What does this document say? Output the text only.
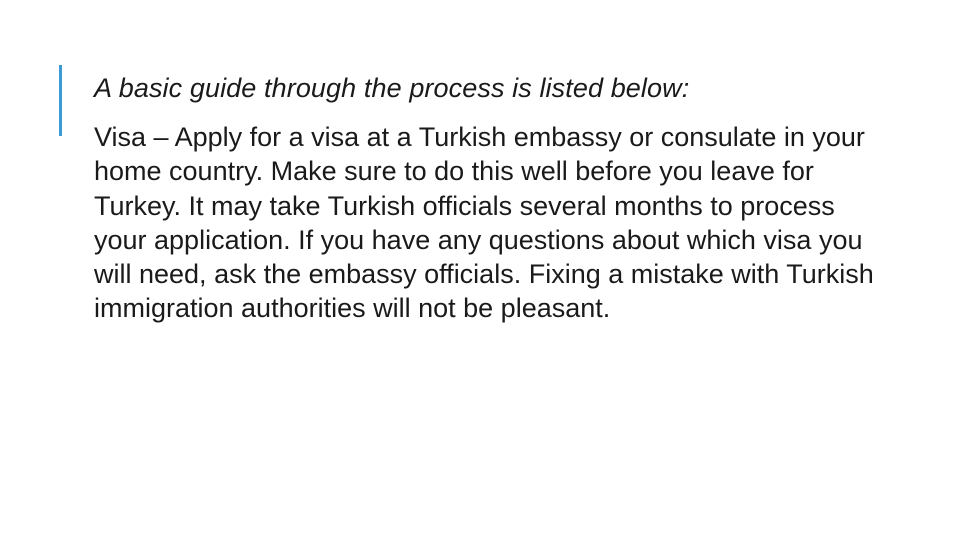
A basic guide through the process is listed below:

Visa – Apply for a visa at a Turkish embassy or consulate in your home country. Make sure to do this well before you leave for Turkey. It may take Turkish officials several months to process your application. If you have any questions about which visa you will need, ask the embassy officials. Fixing a mistake with Turkish immigration authorities will not be pleasant.
